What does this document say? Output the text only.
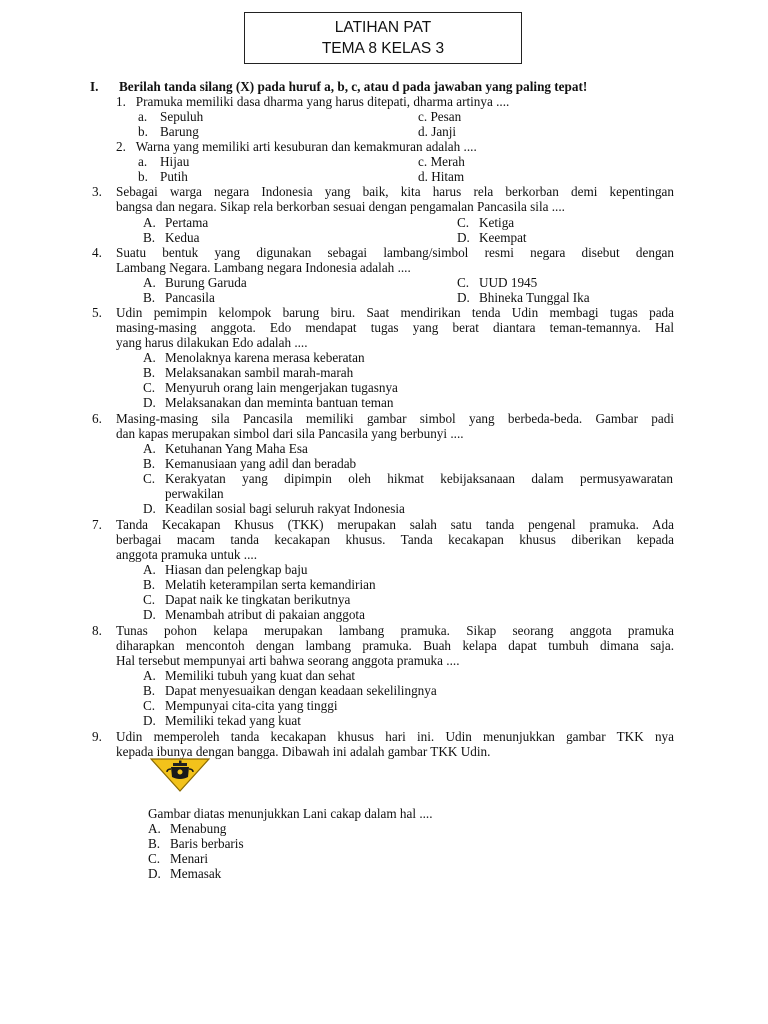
LATIHAN PAT
TEMA 8 KELAS 3
I. Berilah tanda silang (X) pada huruf a, b, c, atau d pada jawaban yang paling tepat!
1. Pramuka memiliki dasa dharma yang harus ditepati, dharma artinya ....
a. Sepuluh
b. Barung
c. Pesan
d. Janji
2. Warna yang memiliki arti kesuburan dan kemakmuran adalah ....
a. Hijau
b. Putih
c. Merah
d. Hitam
3. Sebagai warga negara Indonesia yang baik, kita harus rela berkorban demi kepentingan
bangsa dan negara. Sikap rela berkorban sesuai dengan pengamalan Pancasila sila ....
A. Pertama
B. Kedua
C. Ketiga
D. Keempat
4. Suatu bentuk yang digunakan sebagai lambang/simbol resmi negara disebut dengan
Lambang Negara. Lambang negara Indonesia adalah ....
A. Burung Garuda
B. Pancasila
C. UUD 1945
D. Bhineka Tunggal Ika
5. Udin pemimpin kelompok barung biru. Saat mendirikan tenda Udin membagi tugas pada
masing-masing anggota. Edo mendapat tugas yang berat diantara teman-temannya. Hal
yang harus dilakukan Edo adalah ....
A. Menolaknya karena merasa keberatan
B. Melaksanakan sambil marah-marah
C. Menyuruh orang lain mengerjakan tugasnya
D. Melaksanakan dan meminta bantuan teman
6. Masing-masing sila Pancasila memiliki gambar simbol yang berbeda-beda. Gambar padi
dan kapas merupakan simbol dari sila Pancasila yang berbunyi ....
A. Ketuhanan Yang Maha Esa
B. Kemanusiaan yang adil dan beradab
C. Kerakyatan yang dipimpin oleh hikmat kebijaksanaan dalam permusyawaratan
perwakilan
D. Keadilan sosial bagi seluruh rakyat Indonesia
7. Tanda Kecakapan Khusus (TKK) merupakan salah satu tanda pengenal pramuka. Ada
berbagai macam tanda kecakapan khusus. Tanda kecakapan khusus diberikan kepada
anggota pramuka untuk ....
A. Hiasan dan pelengkap baju
B. Melatih keterampilan serta kemandirian
C. Dapat naik ke tingkatan berikutnya
D. Menambah atribut di pakaian anggota
8. Tunas pohon kelapa merupakan lambang pramuka. Sikap seorang anggota pramuka
diharapkan mencontoh dengan lambang pramuka. Buah kelapa dapat tumbuh dimana saja.
Hal tersebut mempunyai arti bahwa seorang anggota pramuka ....
A. Memiliki tubuh yang kuat dan sehat
B. Dapat menyesuaikan dengan keadaan sekelilingnya
C. Mempunyai cita-cita yang tinggi
D. Memiliki tekad yang kuat
9. Udin memperoleh tanda kecakapan khusus hari ini. Udin menunjukkan gambar TKK nya
kepada ibunya dengan bangga. Dibawah ini adalah gambar TKK Udin.
Gambar diatas menunjukkan Lani cakap dalam hal ....
A. Menabung
B. Baris berbaris
C. Menari
D. Memasak
